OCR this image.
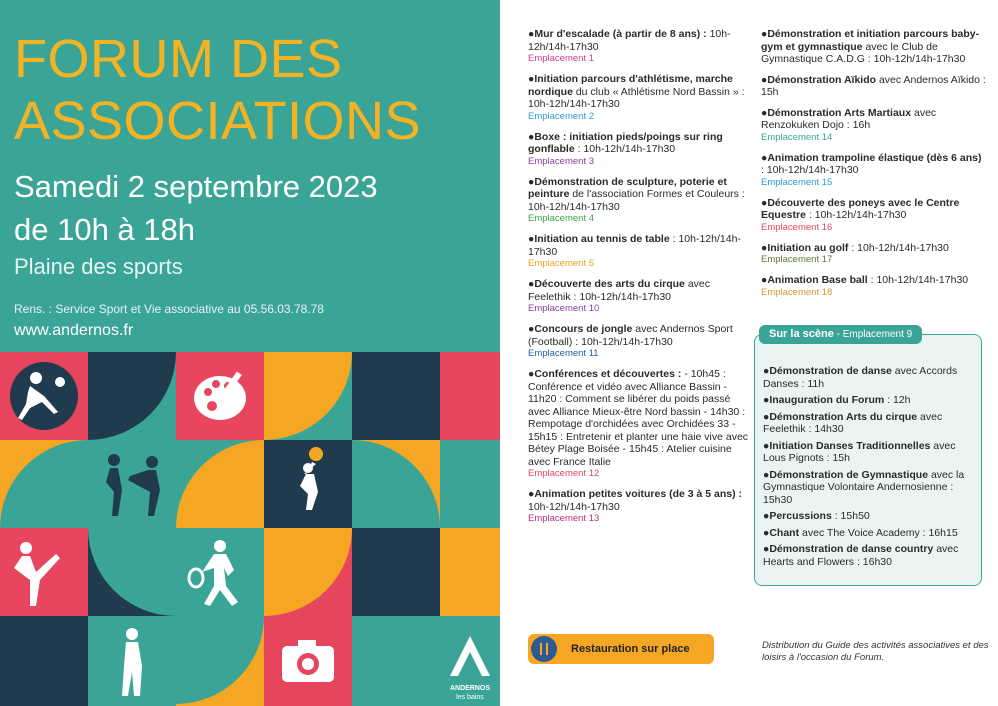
FORUM DES
ASSOCIATIONS
Samedi 2 septembre 2023
de 10h à 18h
Plaine des sports
Rens. : Service Sport et Vie associative au 05.56.03.78.78
www.andernos.fr
ANDERNOS
les bains
●Mur d'escalade (à partir de 8 ans) : 10h-12h/14h-17h30
Emplacement 1
●Initiation parcours d'athlétisme, marche nordique du club « Athlétisme Nord Bassin » : 10h-12h/14h-17h30
Emplacement 2
●Boxe : initiation pieds/poings sur ring gonflable : 10h-12h/14h-17h30
Emplacement 3
●Démonstration de sculpture, poterie et peinture de l'association Formes et Couleurs : 10h-12h/14h-17h30
Emplacement 4
●Initiation au tennis de table : 10h-12h/14h-17h30
Emplacement 5
●Découverte des arts du cirque avec Feelethik : 10h-12h/14h-17h30
Emplacement 10
●Concours de jongle avec Andernos Sport (Football) : 10h-12h/14h-17h30
Emplacement 11
●Conférences et découvertes : - 10h45 : Conférence et vidéo avec Alliance Bassin - 11h20 : Comment se libérer du poids passé avec Alliance Mieux-être Nord bassin - 14h30 : Rempotage d'orchidées avec Orchidées 33 - 15h15 : Entretenir et planter une haie vive avec Bétey Plage Boisée - 15h45 : Atelier cuisine avec France Italie
Emplacement 12
●Animation petites voitures (de 3 à 5 ans) : 10h-12h/14h-17h30
Emplacement 13
●Démonstration et initiation parcours baby-gym et gymnastique avec le Club de Gymnastique C.A.D.G : 10h-12h/14h-17h30
●Démonstration Aïkido avec Andernos Aïkido : 15h
●Démonstration Arts Martiaux avec Renzokuken Dojo : 16h
Emplacement 14
●Animation trampoline élastique (dès 6 ans) : 10h-12h/14h-17h30
Emplacement 15
●Découverte des poneys avec le Centre Equestre : 10h-12h/14h-17h30
Emplacement 16
●Initiation au golf : 10h-12h/14h-17h30
Emplacement 17
●Animation Base ball : 10h-12h/14h-17h30
Emplacement 18
Sur la scène - Emplacement 9
●Démonstration de danse avec Accords Danses : 11h
●Inauguration du Forum : 12h
●Démonstration Arts du cirque avec Feelethik : 14h30
●Initiation Danses Traditionnelles avec Lous Pignots : 15h
●Démonstration de Gymnastique avec la Gymnastique Volontaire Andernosienne : 15h30
●Percussions : 15h50
●Chant avec The Voice Academy : 16h15
●Démonstration de danse country avec Hearts and Flowers : 16h30
Restauration sur place	Distribution du Guide des activités associatives et des loisirs à l'occasion du Forum.
